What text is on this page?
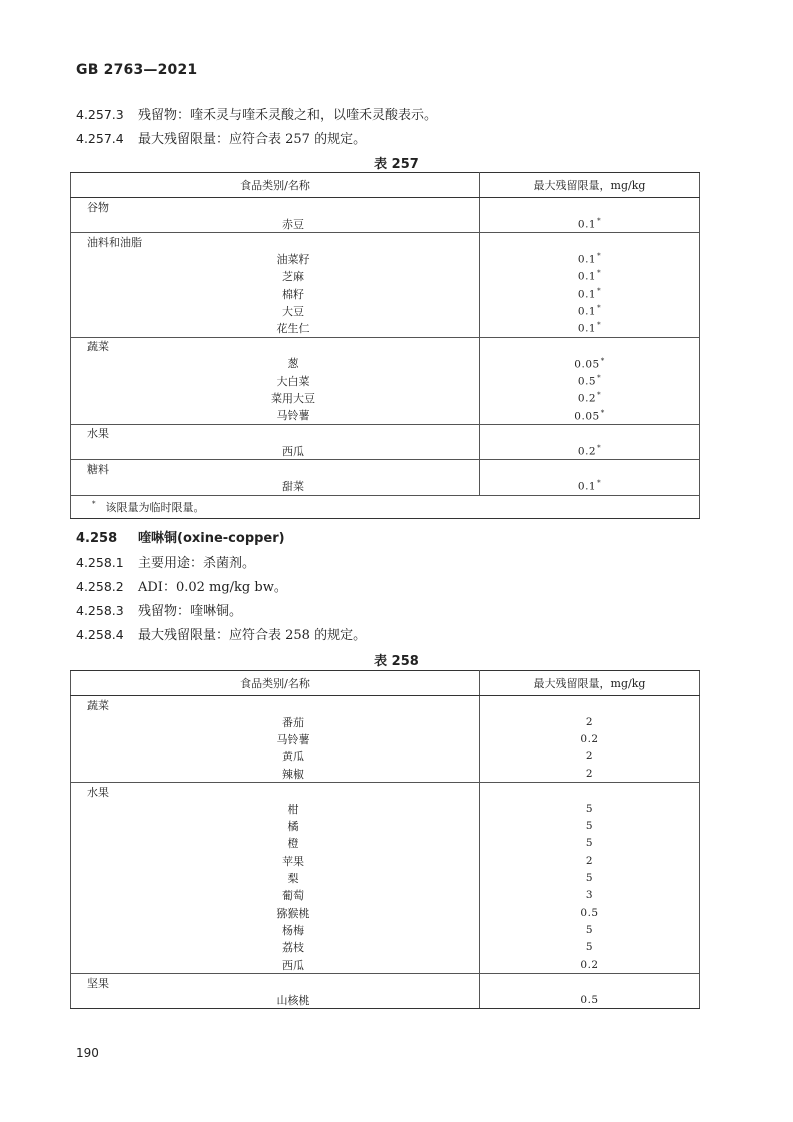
GB 2763—2021
4.257.3 残留物：喹禾灵与喹禾灵酸之和，以喹禾灵酸表示。
4.257.4 最大残留限量：应符合表 257 的规定。
表 257
食品类别/名称	最大残留限量，mg/kg
谷物	
赤豆	0.1*
油料和油脂	
油菜籽	0.1*
芝麻	0.1*
棉籽	0.1*
大豆	0.1*
花生仁	0.1*
蔬菜	
葱	0.05*
大白菜	0.5*
菜用大豆	0.2*
马铃薯	0.05*
水果	
西瓜	0.2*
糖料	
甜菜	0.1*
* 该限量为临时限量。	
4.258 喹啉铜(oxine-copper)
4.258.1 主要用途：杀菌剂。
4.258.2 ADI：0.02 mg/kg bw。
4.258.3 残留物：喹啉铜。
4.258.4 最大残留限量：应符合表 258 的规定。
表 258
食品类别/名称	最大残留限量，mg/kg
蔬菜	
番茄	2
马铃薯	0.2
黄瓜	2
辣椒	2
水果	
柑	5
橘	5
橙	5
苹果	2
梨	5
葡萄	3
猕猴桃	0.5
杨梅	5
荔枝	5
西瓜	0.2
坚果	
山核桃	0.5
190
